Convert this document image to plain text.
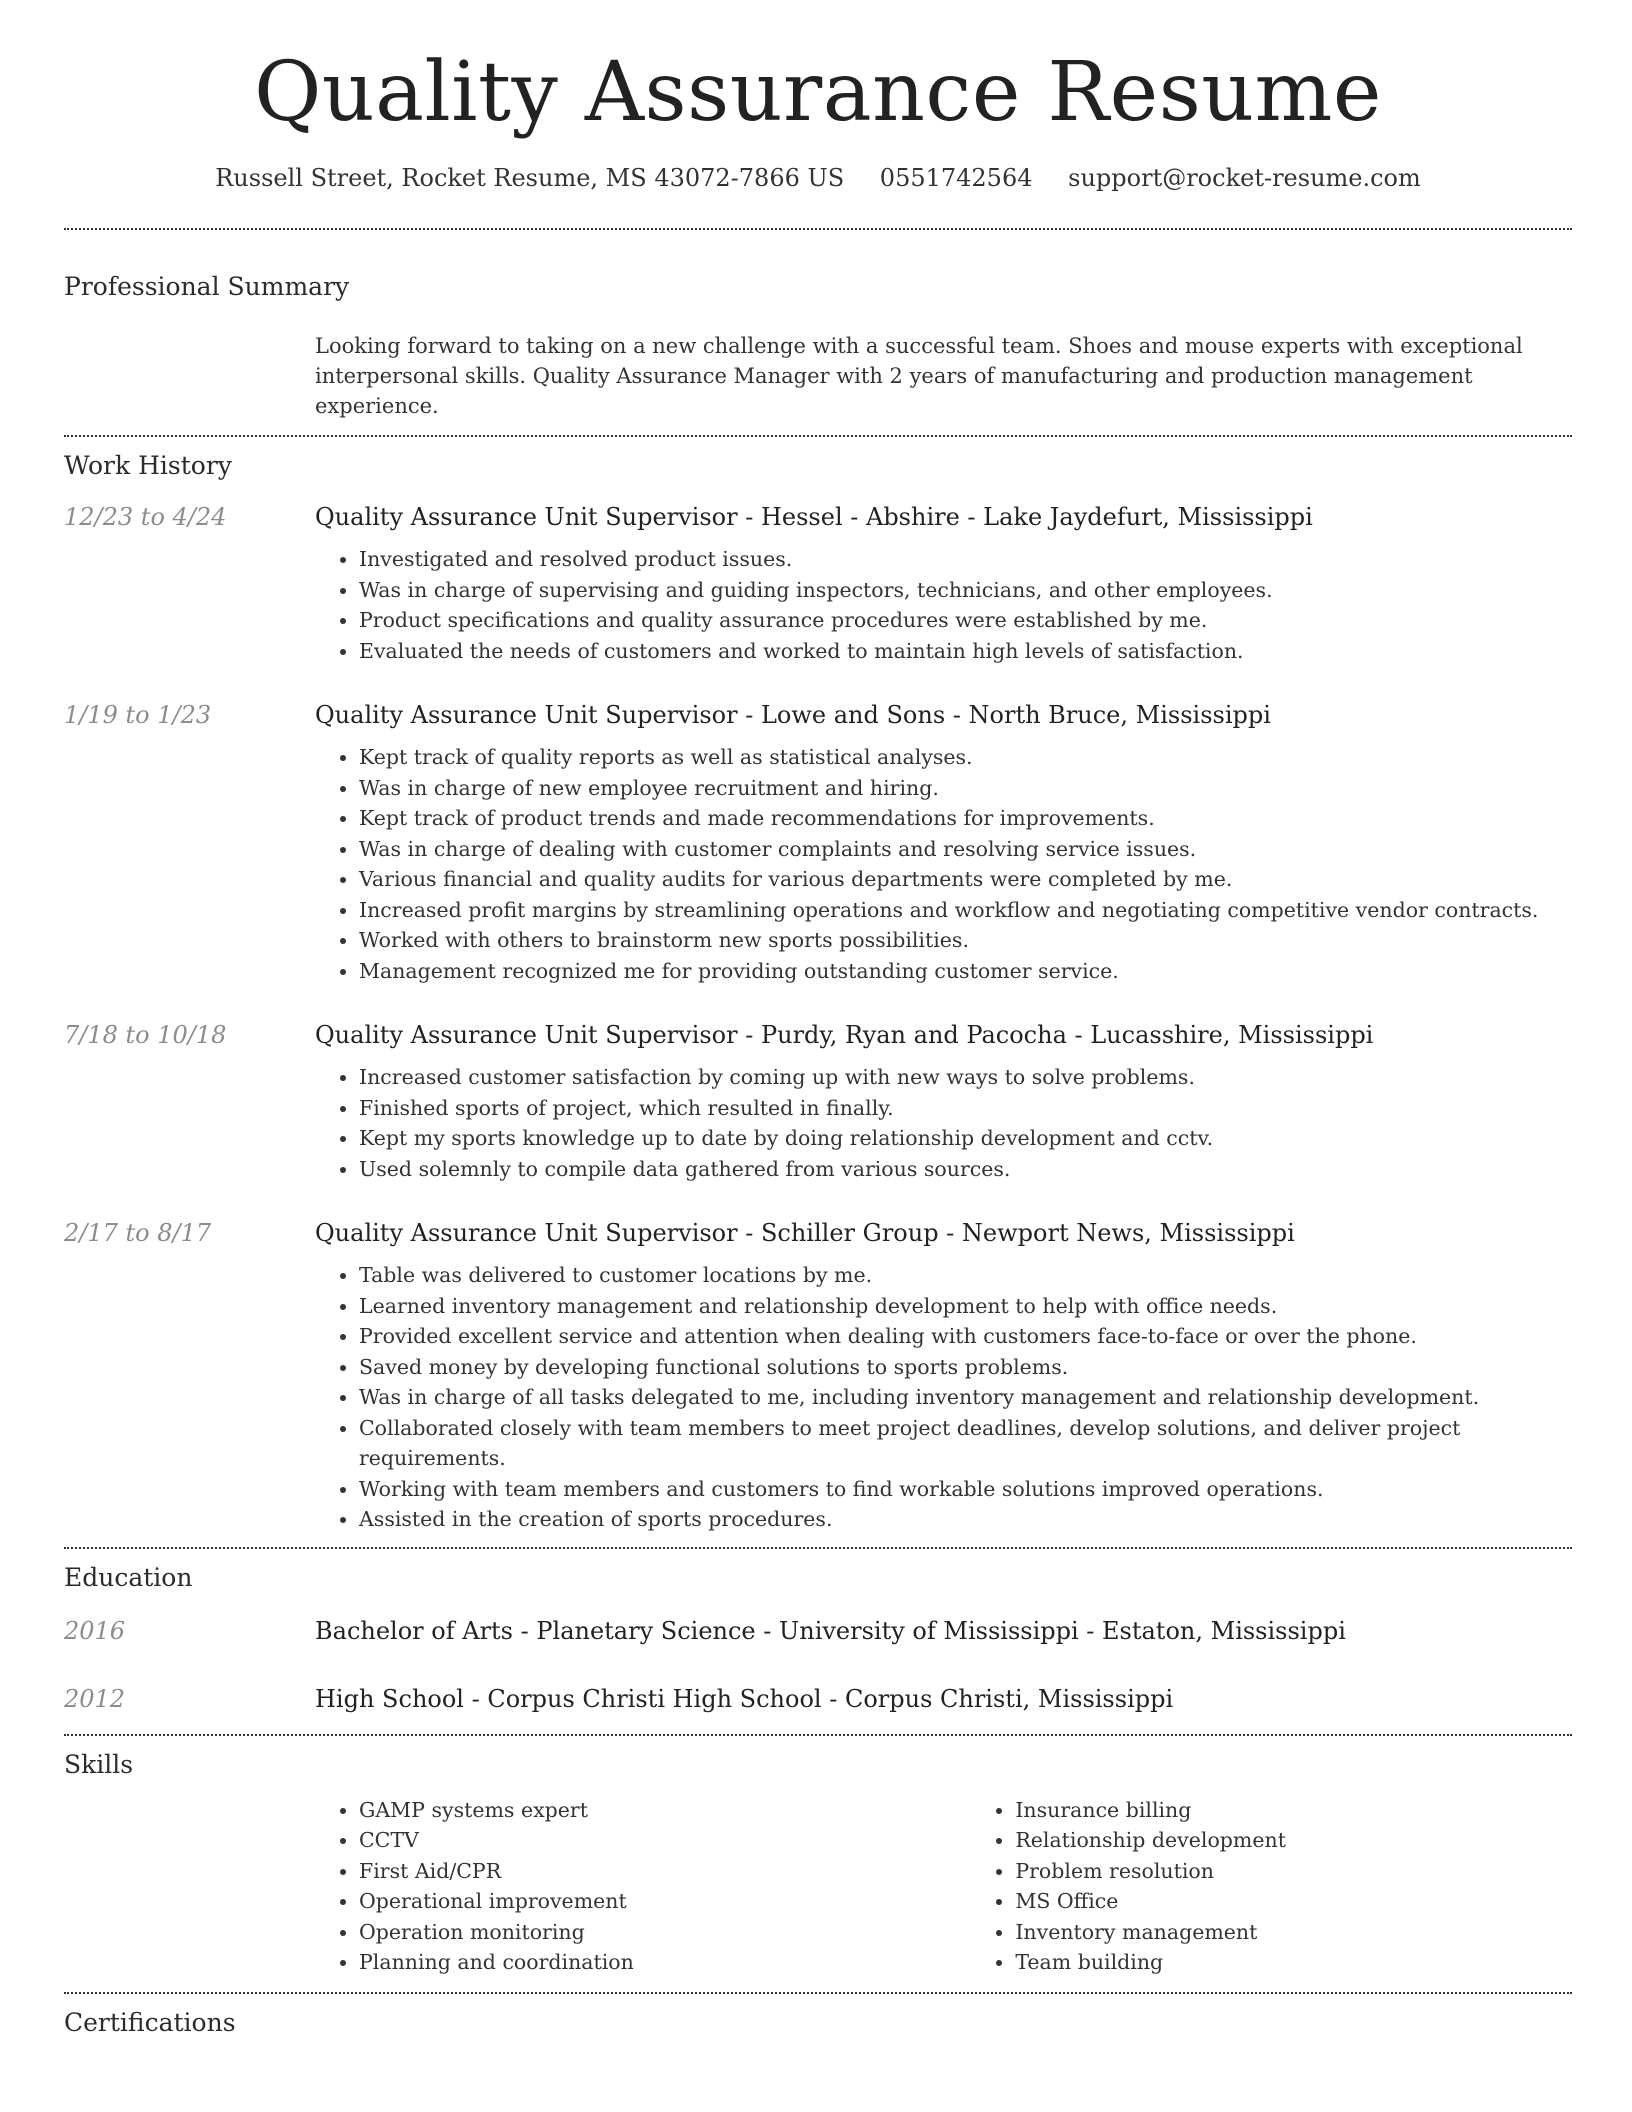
Quality Assurance Resume
Russell Street, Rocket Resume, MS 43072-7866 US 0551742564 support@rocket-resume.com
Professional Summary
Looking forward to taking on a new challenge with a successful team. Shoes and mouse experts with exceptional interpersonal skills. Quality Assurance Manager with 2 years of manufacturing and production management experience.
Work History
12/23 to 4/24	Quality Assurance Unit Supervisor - Hessel - Abshire - Lake Jaydefurt, Mississippi
• Investigated and resolved product issues.
• Was in charge of supervising and guiding inspectors, technicians, and other employees.
• Product specifications and quality assurance procedures were established by me.
• Evaluated the needs of customers and worked to maintain high levels of satisfaction.
1/19 to 1/23	Quality Assurance Unit Supervisor - Lowe and Sons - North Bruce, Mississippi
• Kept track of quality reports as well as statistical analyses.
• Was in charge of new employee recruitment and hiring.
• Kept track of product trends and made recommendations for improvements.
• Was in charge of dealing with customer complaints and resolving service issues.
• Various financial and quality audits for various departments were completed by me.
• Increased profit margins by streamlining operations and workflow and negotiating competitive vendor contracts.
• Worked with others to brainstorm new sports possibilities.
• Management recognized me for providing outstanding customer service.
7/18 to 10/18	Quality Assurance Unit Supervisor - Purdy, Ryan and Pacocha - Lucasshire, Mississippi
• Increased customer satisfaction by coming up with new ways to solve problems.
• Finished sports of project, which resulted in finally.
• Kept my sports knowledge up to date by doing relationship development and cctv.
• Used solemnly to compile data gathered from various sources.
2/17 to 8/17	Quality Assurance Unit Supervisor - Schiller Group - Newport News, Mississippi
• Table was delivered to customer locations by me.
• Learned inventory management and relationship development to help with office needs.
• Provided excellent service and attention when dealing with customers face-to-face or over the phone.
• Saved money by developing functional solutions to sports problems.
• Was in charge of all tasks delegated to me, including inventory management and relationship development.
• Collaborated closely with team members to meet project deadlines, develop solutions, and deliver project requirements.
• Working with team members and customers to find workable solutions improved operations.
• Assisted in the creation of sports procedures.
Education
2016	Bachelor of Arts - Planetary Science - University of Mississippi - Estaton, Mississippi
2012	High School - Corpus Christi High School - Corpus Christi, Mississippi
Skills
• GAMP systems expert
• CCTV
• First Aid/CPR
• Operational improvement
• Operation monitoring
• Planning and coordination
• Insurance billing
• Relationship development
• Problem resolution
• MS Office
• Inventory management
• Team building
Certifications
